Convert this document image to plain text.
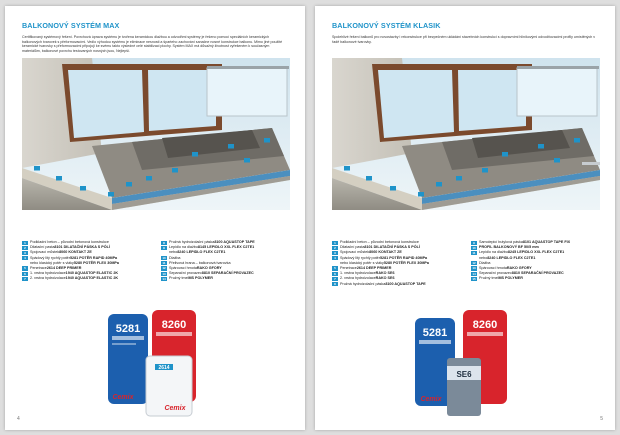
BALKONOVÝ SYSTÉM MAX
Certifikovaný systémový řešení. Povrchová úprava systému je tvořena keramickou dlažbou a odvodňmi systémy je řešeno pomocí speciálních keramických balkonových tvarovek s přeformovacími. Vedlo výhodou systému je eliminace nesnosti a šparteho zachování sanačne nosné konstrukce balkonu. Mimo jiné použité keramické tvarovky s přeformovacími připojují ke svému takto výsledné celé stabilizaci plochy. Systém MAX má důsažný životnost vyřešeném k současným materiálům, balkonové povrchu testovaných nosných jsou, Nejlepší.
1	Podkladní beton – původní betonová konstrukce
2	Dilatační pasta 8101 DILATAČNÍ PÁSKA S PÓLÍ
3	Spojovací můstek 8060 KONTAKT ZE
4	Spádový litý rychlý potěr 5281 POTĚR RAPID 40MPa
nebo klasický potěr s vláky 5280 POTĚR FLEX 30MPa
5	Penetrace 2614 DEEP PRIMER
6	1. vrstva hydroizolace 1940 AQUASTOP ELASTIC 2K
7	2. vrstva hydroizolace 1940 AQUASTOP ELASTIC 2K
8	Pružná hydroizolační páska 8100 AQUASTOP TAPE
9	Lepidlo na dlažbu 8145 LEPIDLO XXL FLEX C2TE1
nebo 8240 LEPIDLO FLEX C2TE1
10 Dlažba
11 Přelivová hrana – balkonová tvarovka
12 Spárovací hmota RAKO GFORY
13 Separační provazec 8810 SEPARAČNÍ PROVAZEC
14 Pružný tmel MS POLYMER
5281 8260
2614
Cemix
Cemix
4
BALKONOVÝ SYSTÉM KLASIK
Spolehlivé řešení balkonů pro novostavby i rekonstrukce při bezpečném ukládání stavebních konstrukcí s dopravními hliníkovými odvodňovacími profily umístěných v řadě balkonové tvarovky.
1	Podkladní beton – původní betonová konstrukce
2	Dilatační pasta 8101 DILATAČNÍ PÁSKA S PÓLÍ
3	Spojovací můstek 8060 KONTAKT ZE
4	Spádový litý rychlý potěr 5281 POTĚR RAPID 40MPa
nebo klasický potěr s vláky 5280 POTĚR FLEX 30MPa
5	Penetrace 2614 DEEP PRIMER
6	1. vrstva hydroizolace RAKO SE6
7	2. vrstva hydroizolace RAKO SE6
8	Pružná hydroizolační páska 8100 AQUASTOP TAPE
9	Samolepicí butylová páska 8101 AQUASTOP TAPE FIX
10 PROFIL BALKONOVÝ BF 50/5 mm
11 Lepidlo na dlažbu 8245 LEPIDLO XXL FLEX C2TE1
nebo 8240 LEPIDLO FLEX C2TE1
12 Dlažba
13 Spárovací hmota RAKO GFORY
14 Separační provazec 8810 SEPARAČNÍ PROVAZEC
15 Pružný tmel MS POLYMER
5281
Cemix
8260
SE6
5
